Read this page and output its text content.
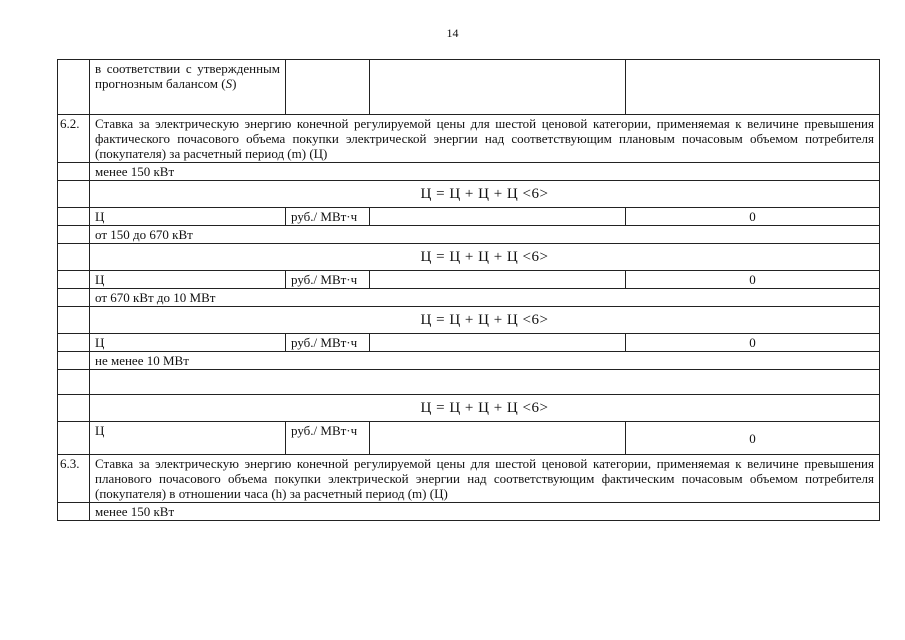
14
	в соответствии с утвержденным прогнозным балансом (S)			
6.2.	Ставка за электрическую энергию конечной регулируемой цены для шестой ценовой категории, применяемая к величине превышения фактического почасового объема покупки электрической энергии над соответствующим плановым почасовым объемом потребителя (покупателя) за расчетный период (m) (Ц)			
	менее 150 кВт			
	Ц = Ц + Ц + Ц <6>			
	Ц	руб./ МВт·ч		0
	от 150 до 670 кВт			
	Ц = Ц + Ц + Ц <6>			
	Ц	руб./ МВт·ч		0
	от 670 кВт до 10 МВт			
	Ц = Ц + Ц + Ц <6>			
	Ц	руб./ МВт·ч		0
	не менее 10 МВт			

	Ц = Ц + Ц + Ц <6>			
	Ц	руб./ МВт·ч		0
6.3.	Ставка за электрическую энергию конечной регулируемой цены для шестой ценовой категории, применяемая к величине превышения планового почасового объема покупки электрической энергии над соответствующим фактическим почасовым объемом потребителя (покупателя) в отношении часа (h) за расчетный период (m) (Ц)			
	менее 150 кВт			
